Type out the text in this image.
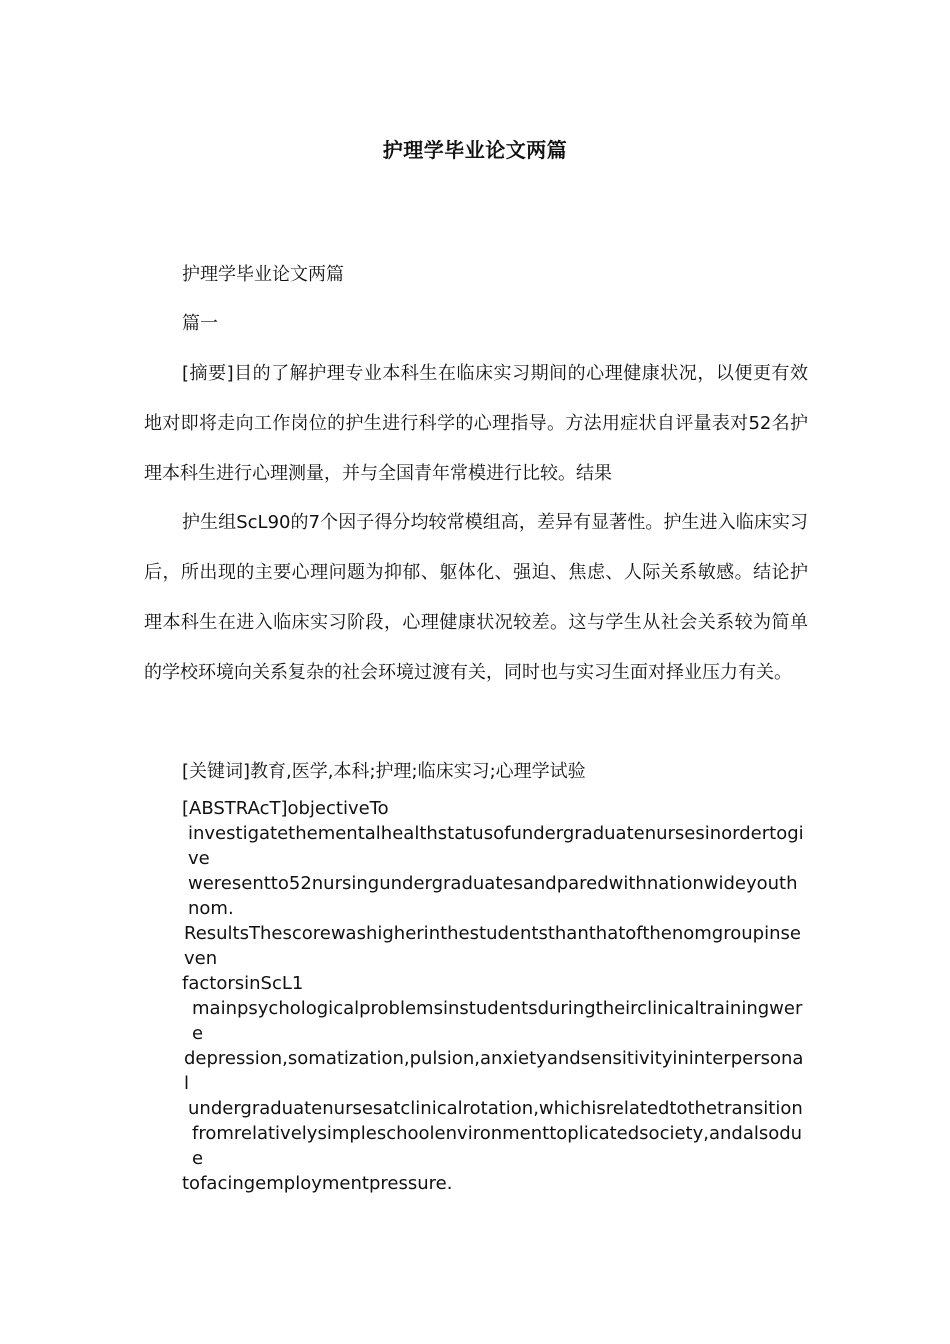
护理学毕业论文两篇

护理学毕业论文两篇

篇一

[摘要]目的了解护理专业本科生在临床实习期间的心理健康状况，以便更有效地对即将走向工作岗位的护生进行科学的心理指导。方法用症状自评量表对52名护理本科生进行心理测量，并与全国青年常模进行比较。结果

护生组ScL90的7个因子得分均较常模组高，差异有显著性。护生进入临床实习后，所出现的主要心理问题为抑郁、躯体化、强迫、焦虑、人际关系敏感。结论护理本科生在进入临床实习阶段，心理健康状况较差。这与学生从社会关系较为简单的学校环境向关系复杂的社会环境过渡有关，同时也与实习生面对择业压力有关。

[关键词]教育,医学,本科;护理;临床实习;心理学试验

[ABSTRAcT]objectiveTo
investigatethementalhealthstatusofundergraduatenursesinordertogive
weresentto52nursingundergraduatesandparedwithnationwideyouthnom.
ResultsThescorewashigherinthestudentsthanthatofthenomgroupinseven
factorsinScL1
mainpsychologicalproblemsinstudentsduringtheirclinicaltrainingwere
depression,somatization,pulsion,anxietyandsensitivityininterpersonal
undergraduatenursesatclinicalrotation,whichisrelatedtothetransition
fromrelativelysimpleschoolenvironmenttoplicatedsociety,andalsodue
tofacingemploymentpressure.
